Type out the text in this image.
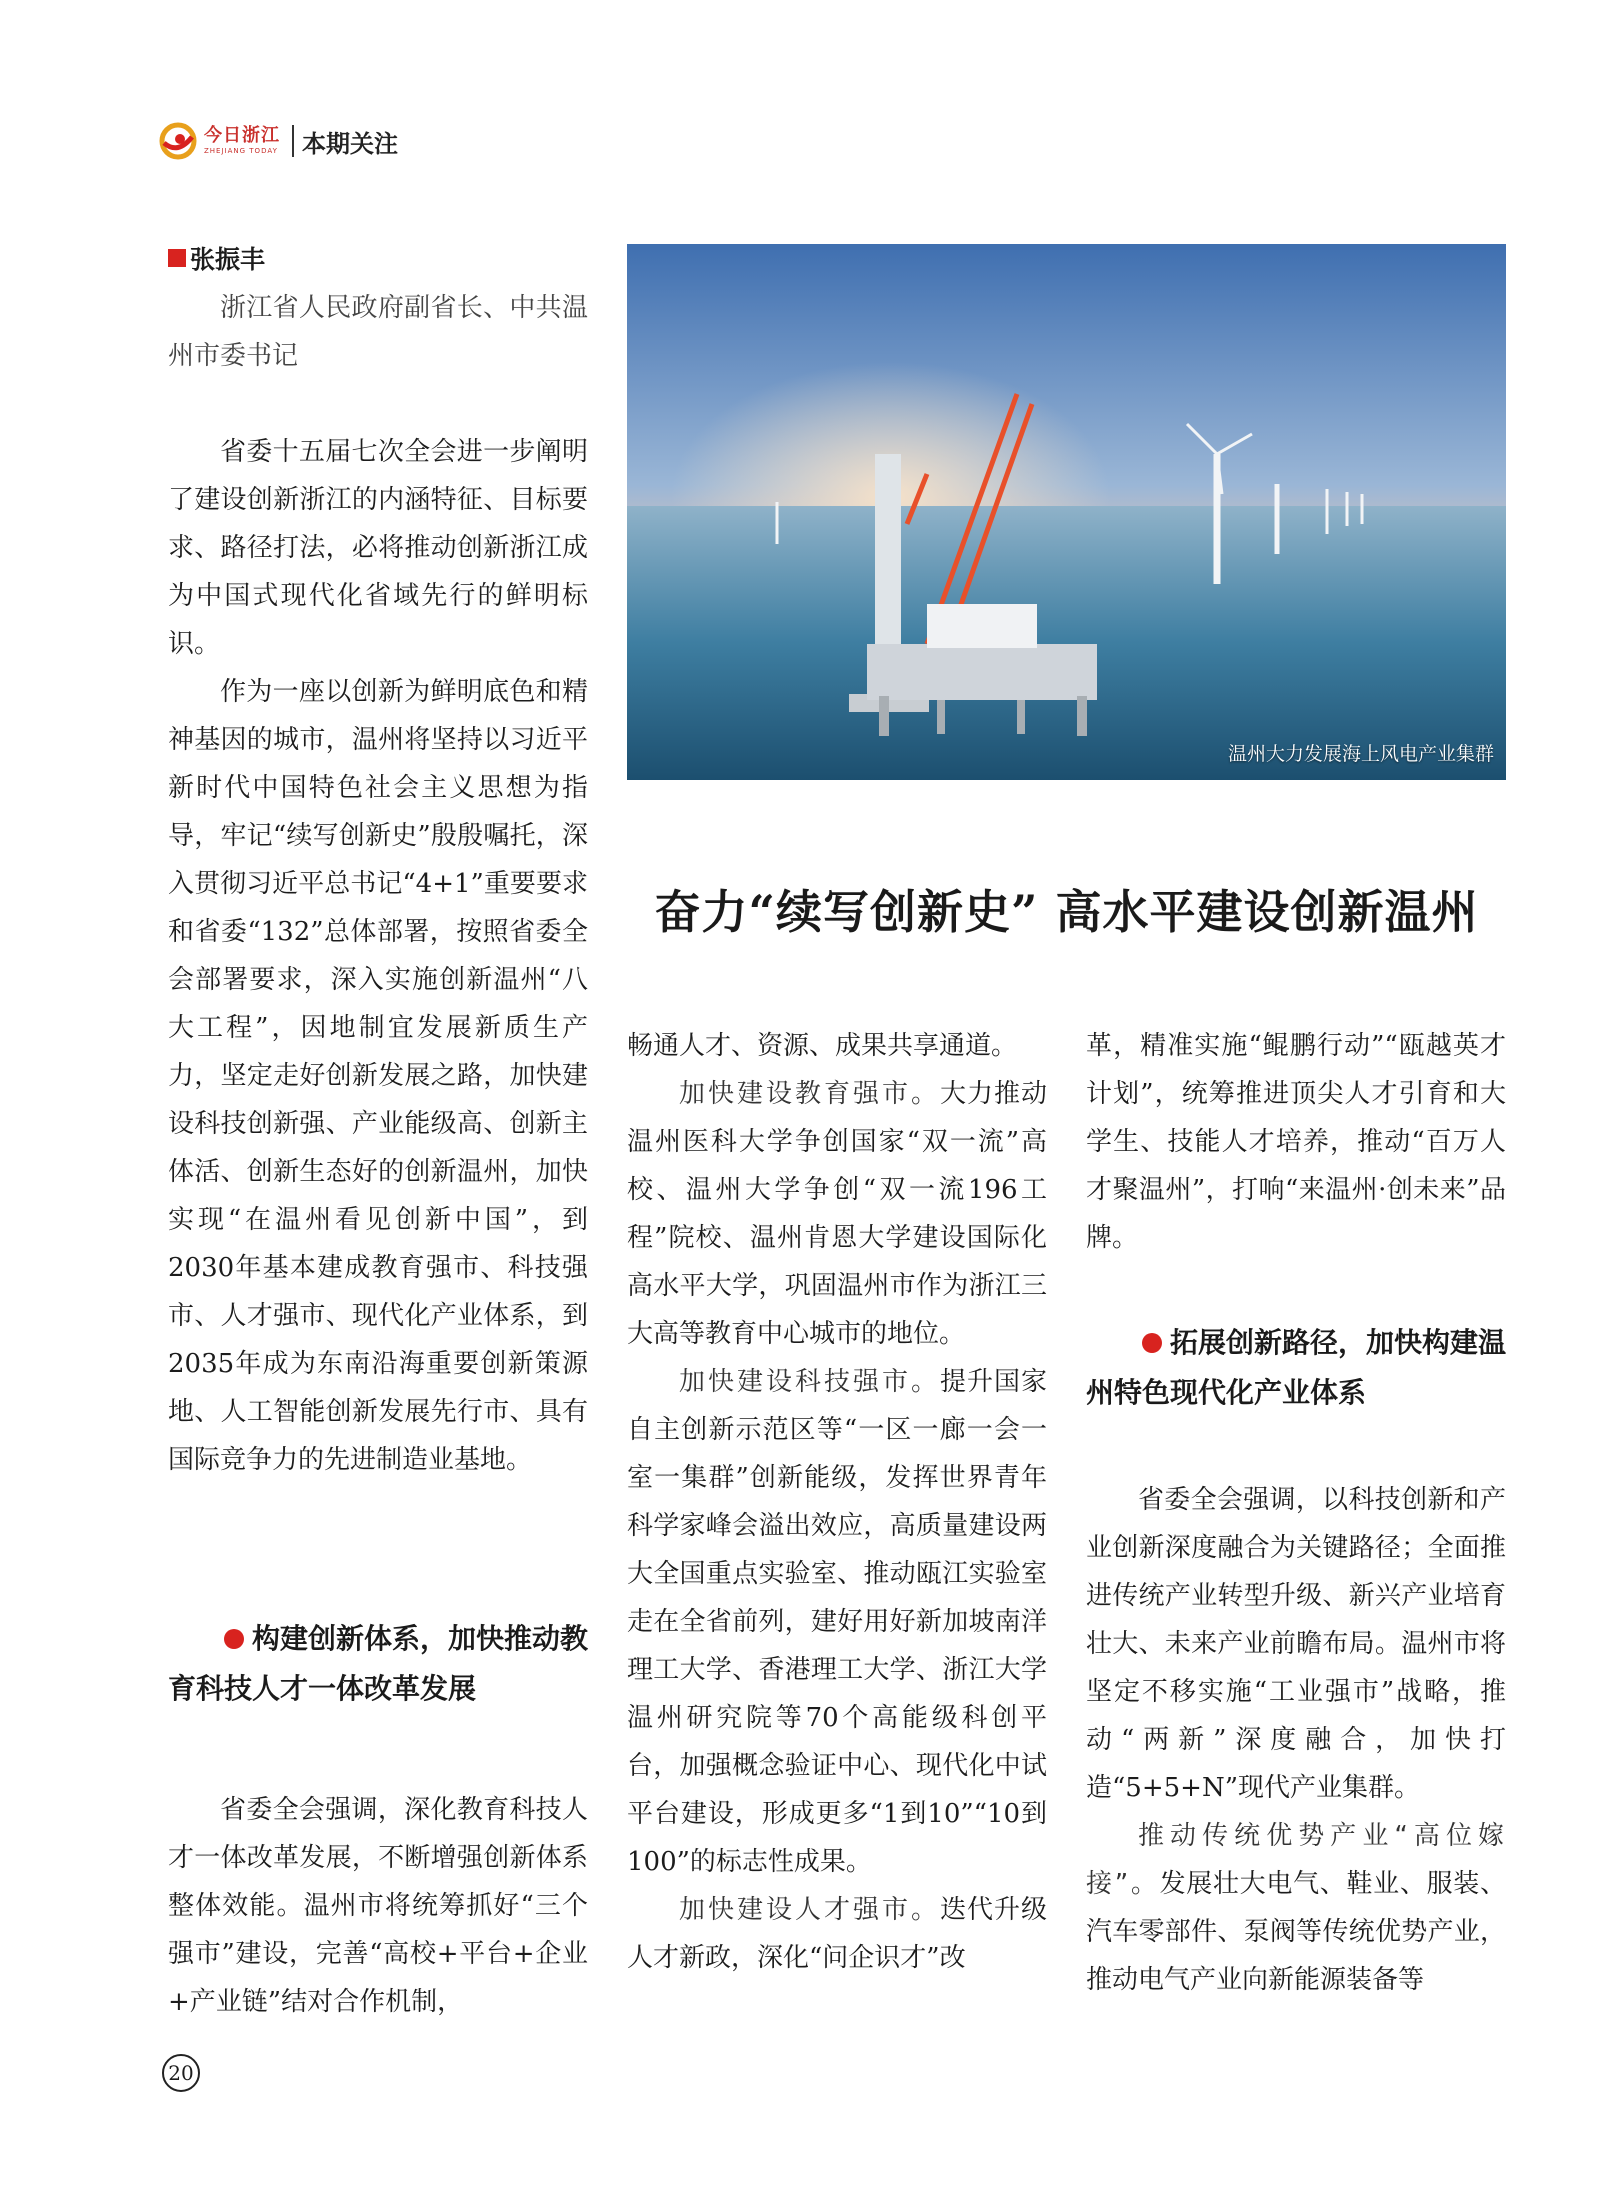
今日浙江
ZHEJIANG TODAY 本期关注
张振丰
浙江省人民政府副省长、中共温州市委书记

省委十五届七次全会进一步阐明了建设创新浙江的内涵特征、目标要求、路径打法，必将推动创新浙江成为中国式现代化省域先行的鲜明标识。

作为一座以创新为鲜明底色和精神基因的城市，温州将坚持以习近平新时代中国特色社会主义思想为指导，牢记“续写创新史”殷殷嘱托，深入贯彻习近平总书记“4+1”重要要求和省委“132”总体部署，按照省委全会部署要求，深入实施创新温州“八大工程”，因地制宜发展新质生产力，坚定走好创新发展之路，加快建设科技创新强、产业能级高、创新主体活、创新生态好的创新温州，加快实现“在温州看见创新中国”，到2030年基本建成教育强市、科技强市、人才强市、现代化产业体系，到2035年成为东南沿海重要创新策源地、人工智能创新发展先行市、具有国际竞争力的先进制造业基地。

构建创新体系，加快推动教育科技人才一体改革发展

省委全会强调，深化教育科技人才一体改革发展，不断增强创新体系整体效能。温州市将统筹抓好“三个强市”建设，完善“高校+平台+企业+产业链”结对合作机制，

温州大力发展海上风电产业集群
奋力“续写创新史” 高水平建设创新温州

畅通人才、资源、成果共享通道。

加快建设教育强市。大力推动温州医科大学争创国家“双一流”高校、温州大学争创“双一流196工程”院校、温州肯恩大学建设国际化高水平大学，巩固温州市作为浙江三大高等教育中心城市的地位。

加快建设科技强市。提升国家自主创新示范区等“一区一廊一会一室一集群”创新能级，发挥世界青年科学家峰会溢出效应，高质量建设两大全国重点实验室、推动瓯江实验室走在全省前列，建好用好新加坡南洋理工大学、香港理工大学、浙江大学温州研究院等70个高能级科创平台，加强概念验证中心、现代化中试平台建设，形成更多“1到10”“10到100”的标志性成果。

加快建设人才强市。迭代升级人才新政，深化“问企识才”改

革，精准实施“鲲鹏行动”“瓯越英才计划”，统筹推进顶尖人才引育和大学生、技能人才培养，推动“百万人才聚温州”，打响“来温州·创未来”品牌。

拓展创新路径，加快构建温州特色现代化产业体系

省委全会强调，以科技创新和产业创新深度融合为关键路径；全面推进传统产业转型升级、新兴产业培育壮大、未来产业前瞻布局。温州市将坚定不移实施“工业强市”战略，推动“两新”深度融合，加快打造“5+5+N”现代产业集群。

推动传统优势产业“高位嫁接”。发展壮大电气、鞋业、服装、汽车零部件、泵阀等传统优势产业，推动电气产业向新能源装备等

20
